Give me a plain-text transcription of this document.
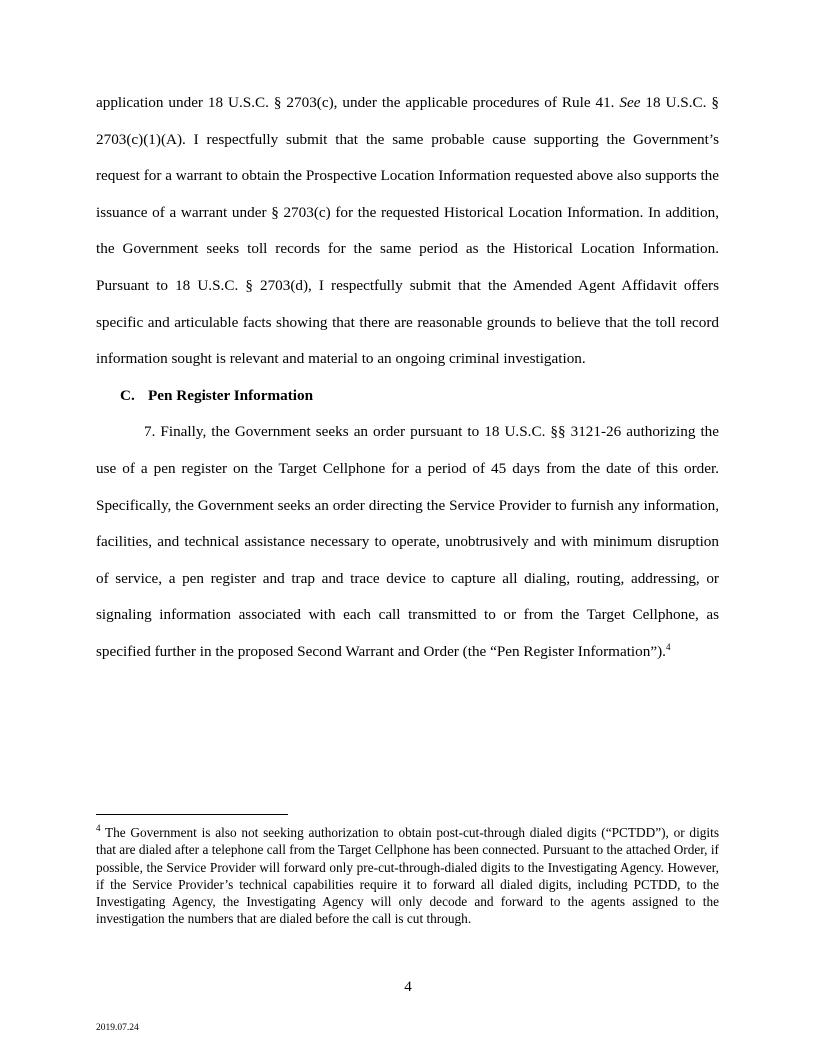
application under 18 U.S.C. § 2703(c), under the applicable procedures of Rule 41. See 18 U.S.C. § 2703(c)(1)(A). I respectfully submit that the same probable cause supporting the Government’s request for a warrant to obtain the Prospective Location Information requested above also supports the issuance of a warrant under § 2703(c) for the requested Historical Location Information. In addition, the Government seeks toll records for the same period as the Historical Location Information. Pursuant to 18 U.S.C. § 2703(d), I respectfully submit that the Amended Agent Affidavit offers specific and articulable facts showing that there are reasonable grounds to believe that the toll record information sought is relevant and material to an ongoing criminal investigation.

C. Pen Register Information

7. Finally, the Government seeks an order pursuant to 18 U.S.C. §§ 3121-26 authorizing the use of a pen register on the Target Cellphone for a period of 45 days from the date of this order. Specifically, the Government seeks an order directing the Service Provider to furnish any information, facilities, and technical assistance necessary to operate, unobtrusively and with minimum disruption of service, a pen register and trap and trace device to capture all dialing, routing, addressing, or signaling information associated with each call transmitted to or from the Target Cellphone, as specified further in the proposed Second Warrant and Order (the “Pen Register Information”).$^4$

$^4$ The Government is also not seeking authorization to obtain post-cut-through dialed digits (“PCTDD”), or digits that are dialed after a telephone call from the Target Cellphone has been connected. Pursuant to the attached Order, if possible, the Service Provider will forward only pre-cut-through-dialed digits to the Investigating Agency. However, if the Service Provider’s technical capabilities require it to forward all dialed digits, including PCTDD, to the Investigating Agency, the Investigating Agency will only decode and forward to the agents assigned to the investigation the numbers that are dialed before the call is cut through.
4
2019.07.24
